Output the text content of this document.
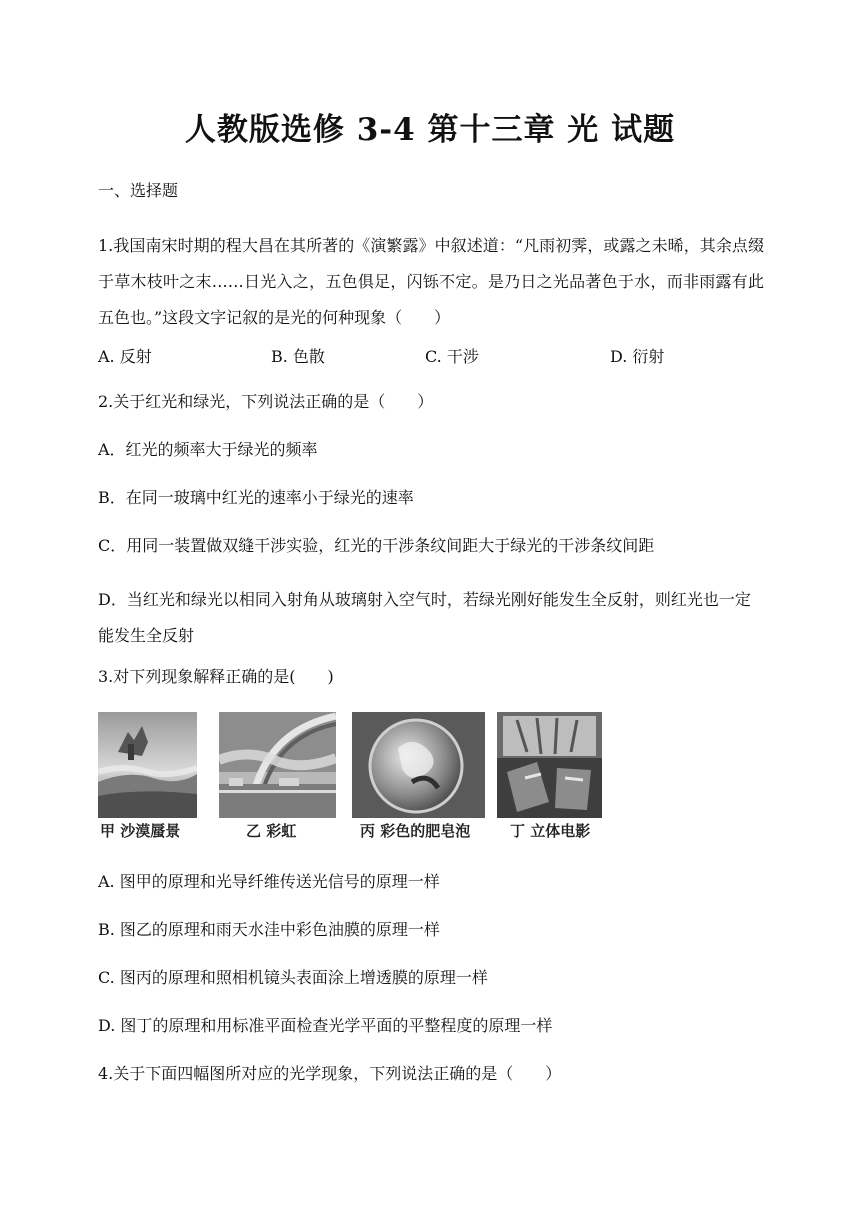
人教版选修 3-4 第十三章 光 试题
一、选择题
1.我国南宋时期的程大昌在其所著的《演繁露》中叙述道：“凡雨初霁，或露之未晞，其余点缀于草木枝叶之末……日光入之，五色俱足，闪铄不定。是乃日之光品著色于水，而非雨露有此五色也。”这段文字记叙的是光的何种现象（　　）
A. 反射	B. 色散	C. 干涉	D. 衍射
2.关于红光和绿光，下列说法正确的是（　　）
A．红光的频率大于绿光的频率
B．在同一玻璃中红光的速率小于绿光的速率
C．用同一装置做双缝干涉实验，红光的干涉条纹间距大于绿光的干涉条纹间距
D．当红光和绿光以相同入射角从玻璃射入空气时，若绿光刚好能发生全反射，则红光也一定能发生全反射
3.对下列现象解释正确的是(　　)
甲 沙漠蜃景	乙 彩虹	丙 彩色的肥皂泡	丁 立体电影
A. 图甲的原理和光导纤维传送光信号的原理一样
B. 图乙的原理和雨天水洼中彩色油膜的原理一样
C. 图丙的原理和照相机镜头表面涂上增透膜的原理一样
D. 图丁的原理和用标准平面检查光学平面的平整程度的原理一样
4.关于下面四幅图所对应的光学现象，下列说法正确的是（　　）
